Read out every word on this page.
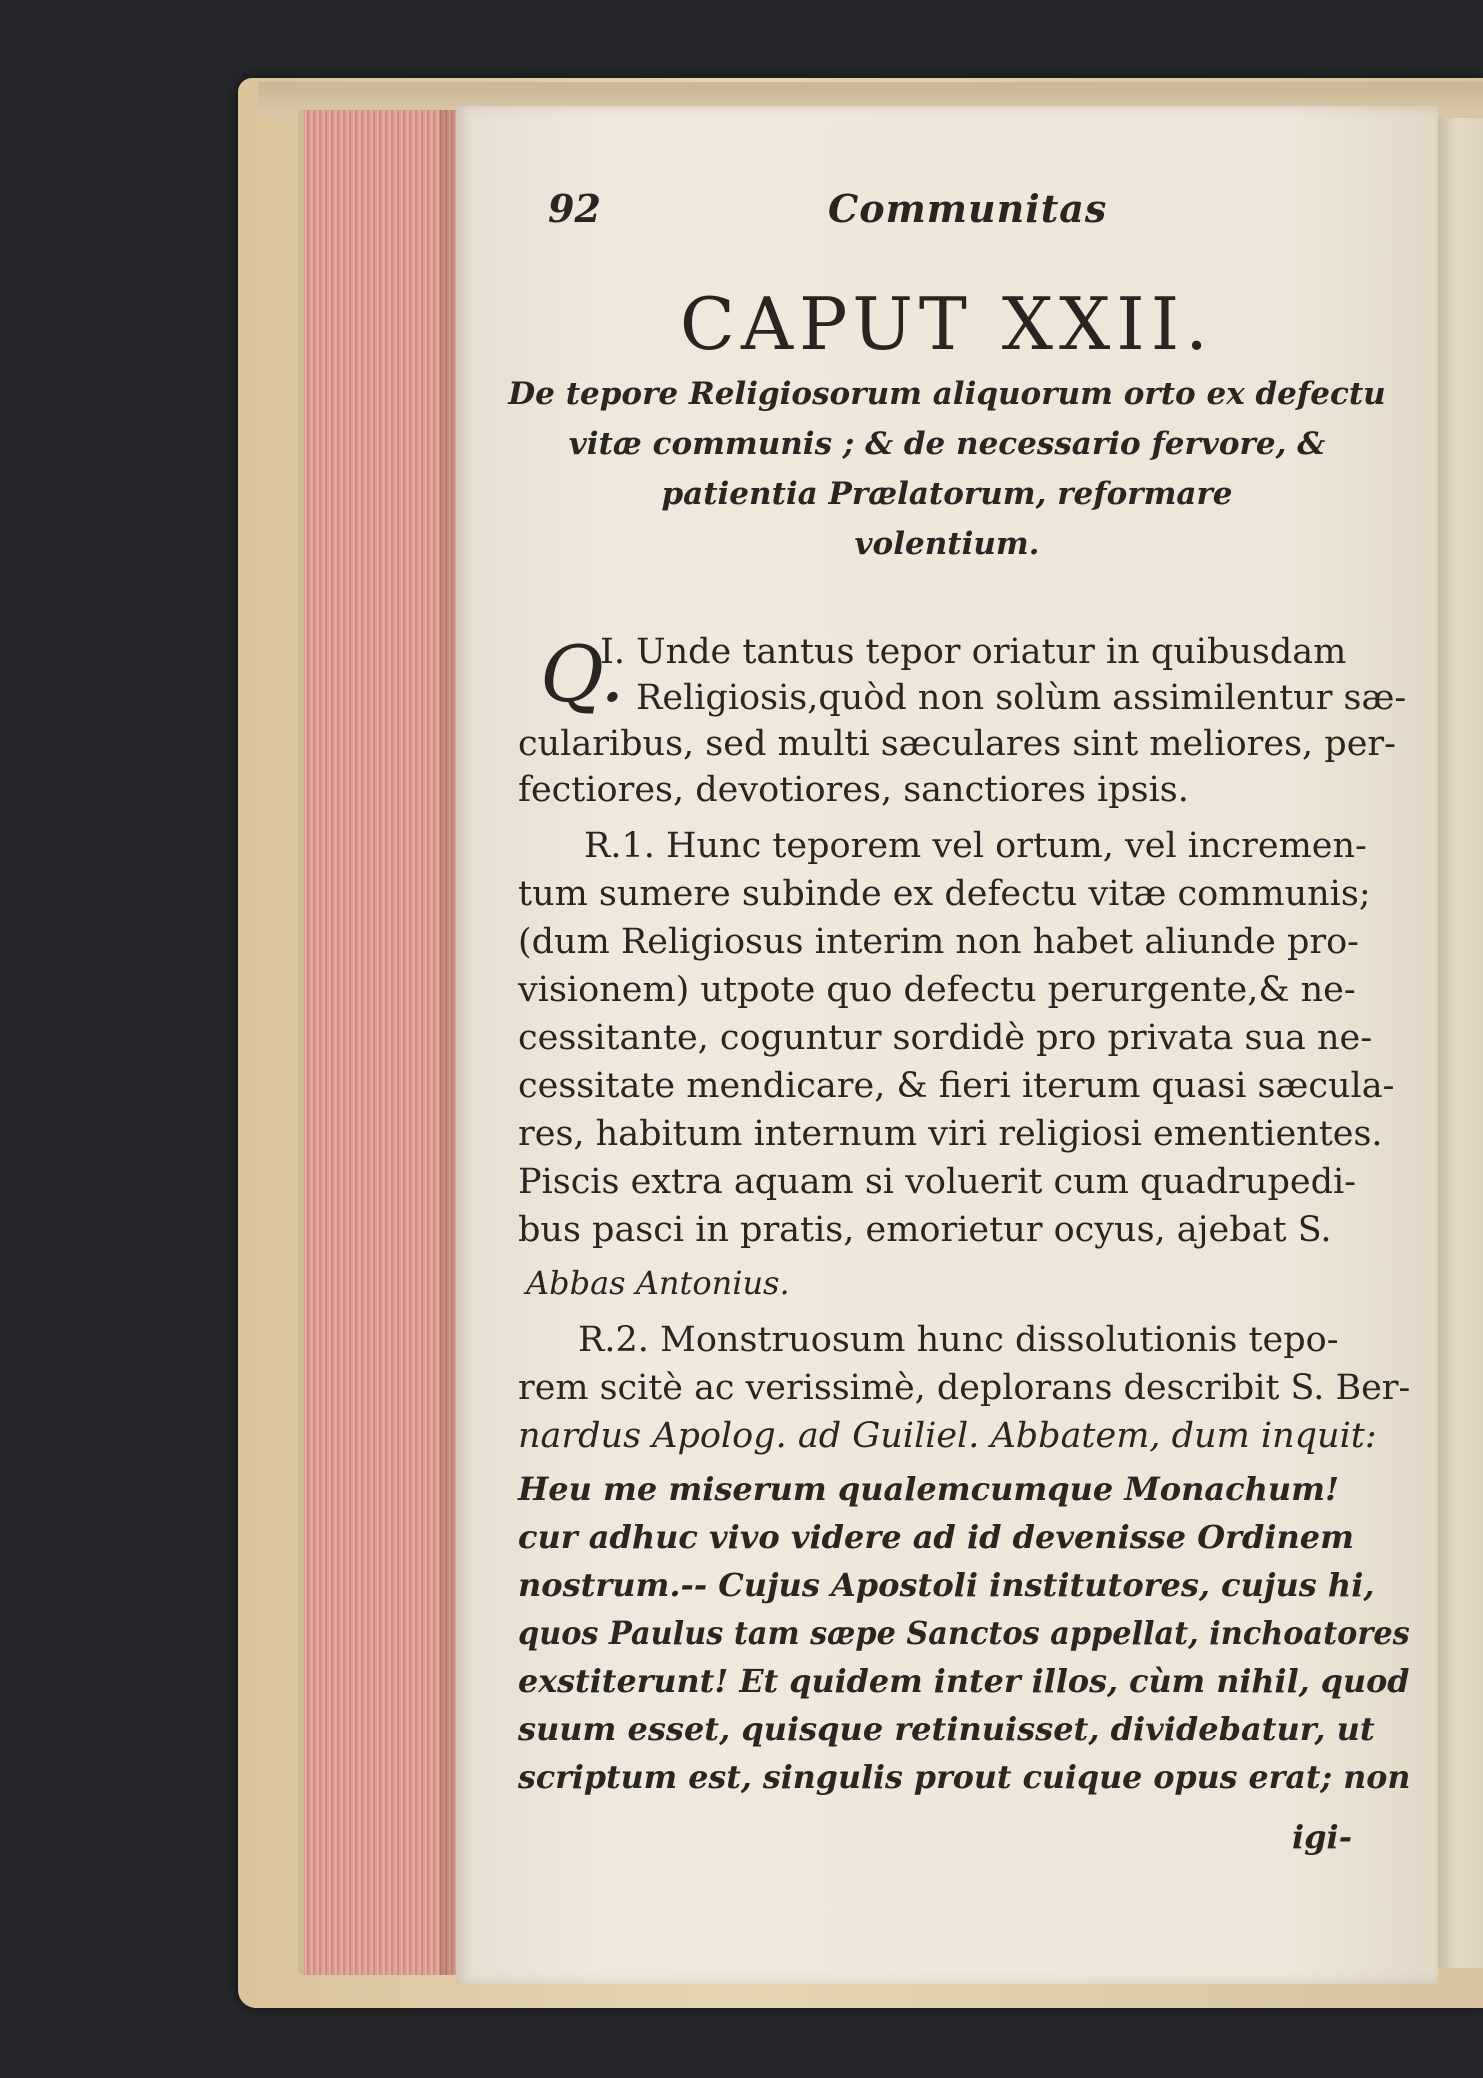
92	Communitas
CAPUT XXII.
De tepore Religiosorum aliquorum orto ex defectu
vitæ communis ; & de necessario fervore, &
patientia Prælatorum, reformare
volentium.
Q.
I. Unde tantus tepor oriatur in quibusdam
Religiosis,quòd non solùm assimilentur sæ-
cularibus, sed multi sæculares sint meliores, per-
fectiores, devotiores, sanctiores ipsis.
R.1. Hunc teporem vel ortum, vel incremen-
tum sumere subinde ex defectu vitæ communis;
(dum Religiosus interim non habet aliunde pro-
visionem) utpote quo defectu perurgente,& ne-
cessitante, coguntur sordidè pro privata sua ne-
cessitate mendicare, & fieri iterum quasi sæcula-
res, habitum internum viri religiosi ementientes.
Piscis extra aquam si voluerit cum quadrupedi-
bus pasci in pratis, emorietur ocyus, ajebat S.
Abbas Antonius.
R.2. Monstruosum hunc dissolutionis tepo-
rem scitè ac verissimè, deplorans describit S. Ber-
nardus Apolog. ad Guiliel. Abbatem, dum inquit:
Heu me miserum qualemcumque Monachum!
cur adhuc vivo videre ad id devenisse Ordinem
nostrum.-- Cujus Apostoli institutores, cujus hi,
quos Paulus tam sæpe Sanctos appellat, inchoatores
exstiterunt! Et quidem inter illos, cùm nihil, quod
suum esset, quisque retinuisset, dividebatur, ut
scriptum est, singulis prout cuique opus erat; non
igi-
